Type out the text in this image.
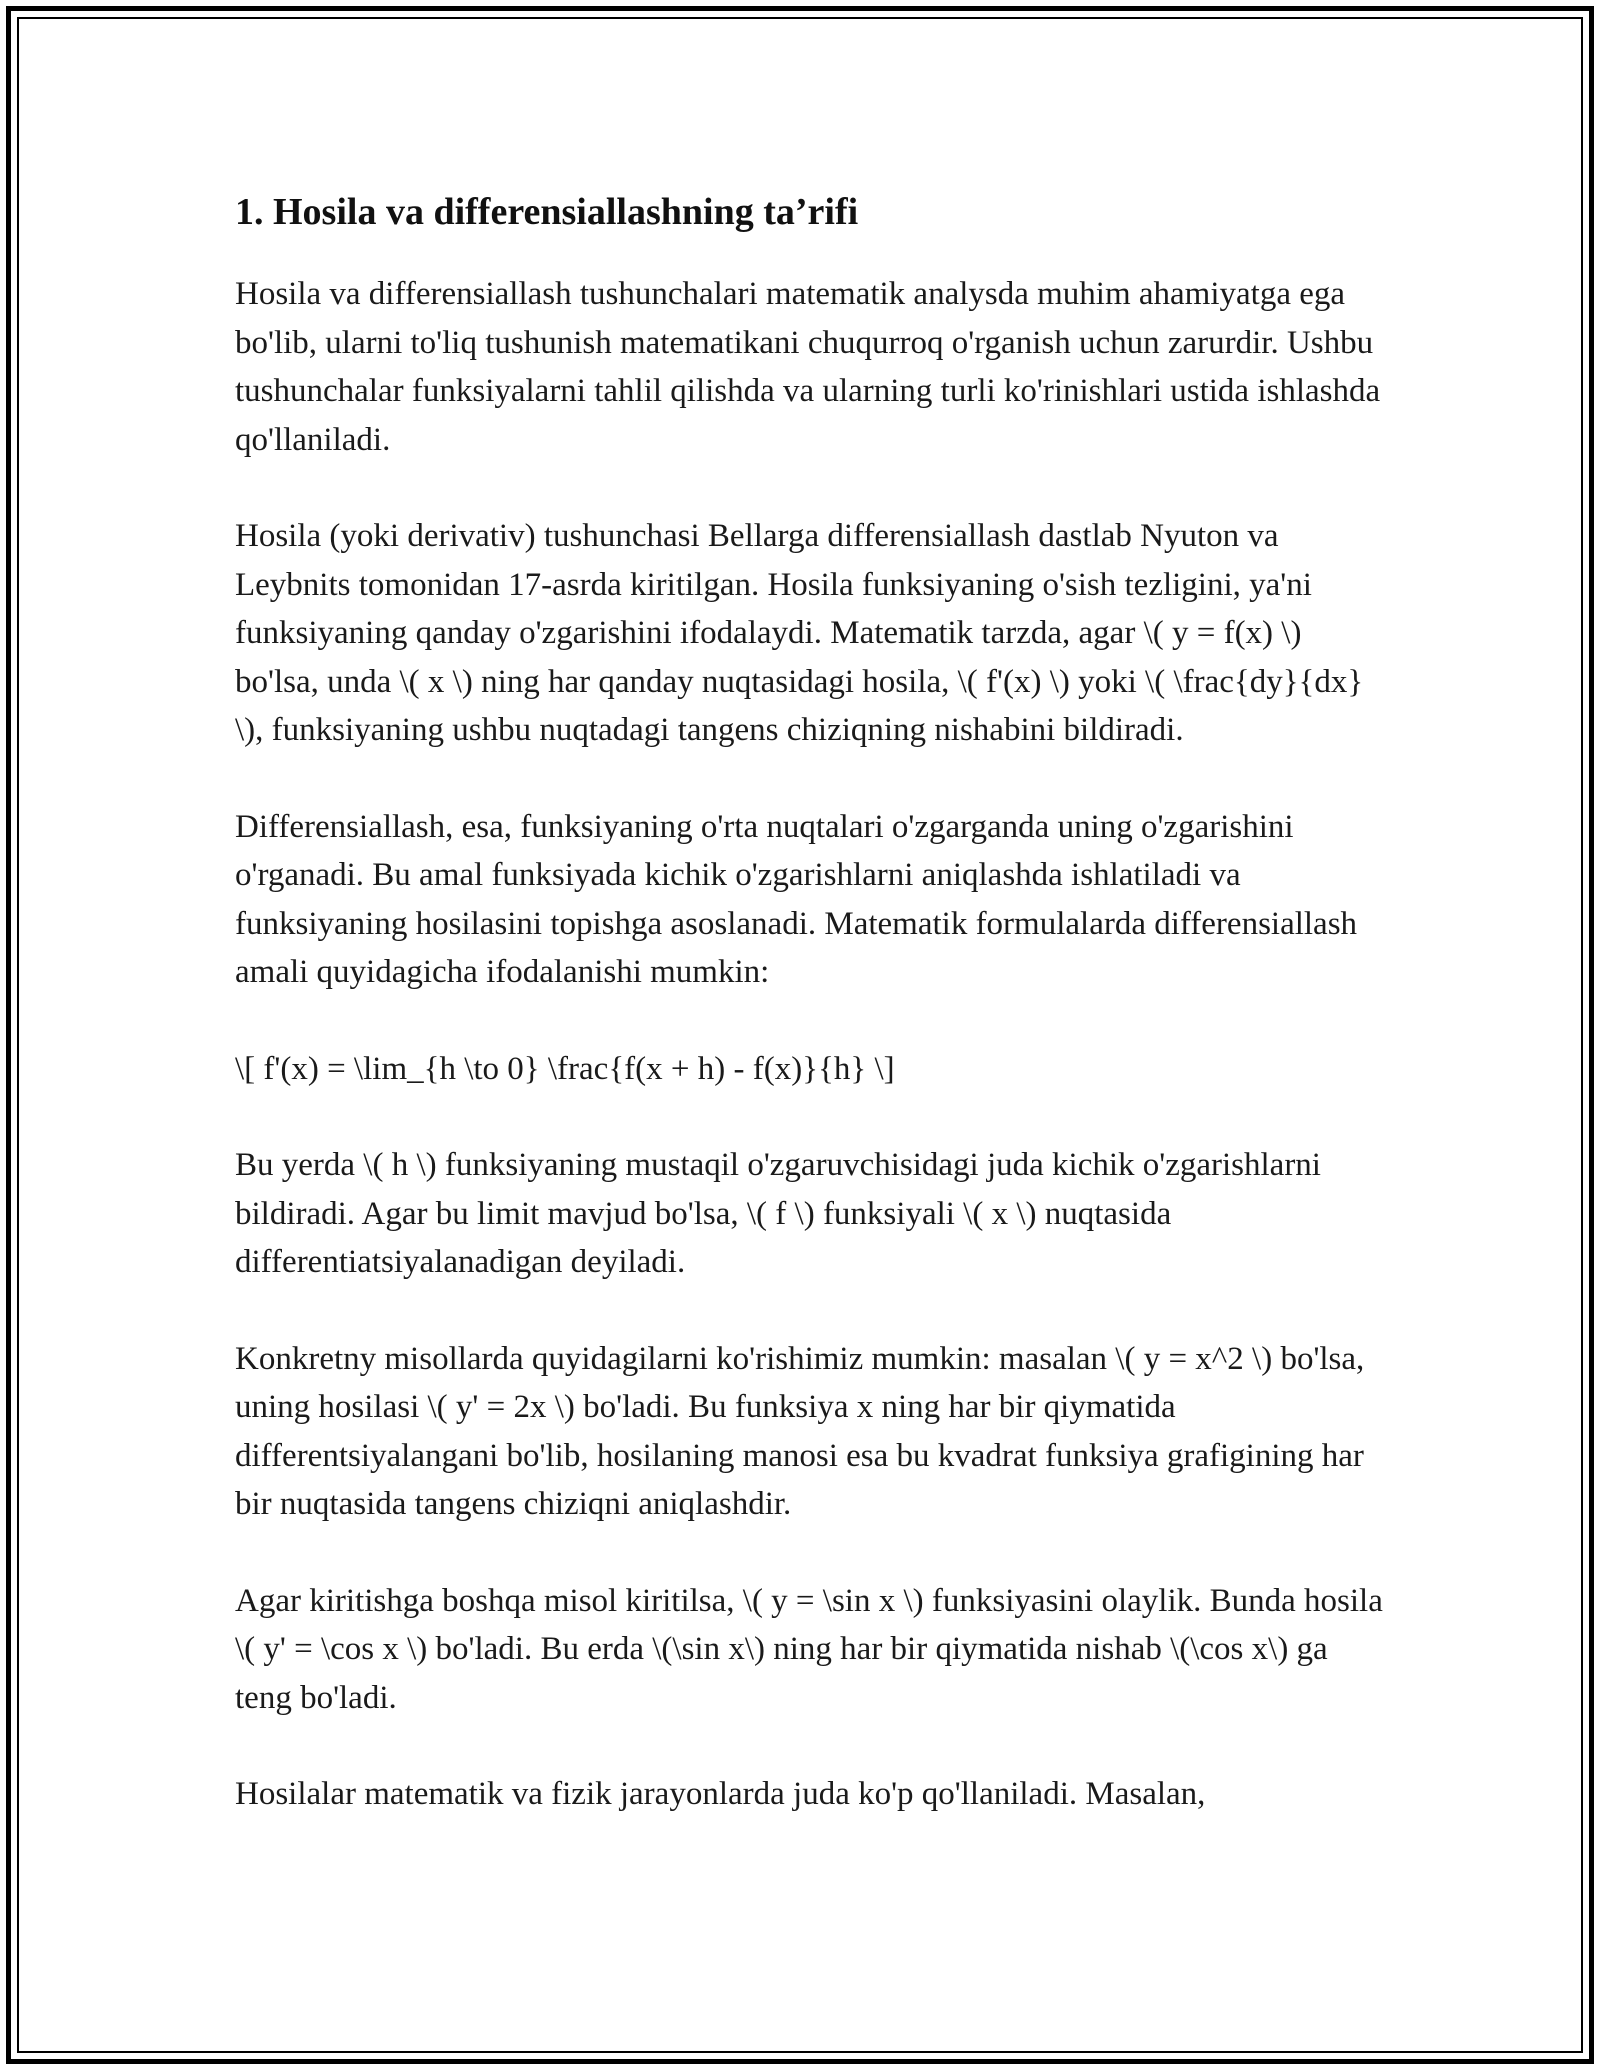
1. Hosila va differensiallashning ta’rifi

Hosila va differensiallash tushunchalari matematik analysda muhim ahamiyatga ega bo'lib, ularni to'liq tushunish matematikani chuqurroq o'rganish uchun zarurdir. Ushbu tushunchalar funksiyalarni tahlil qilishda va ularning turli ko'rinishlari ustida ishlashda qo'llaniladi.

Hosila (yoki derivativ) tushunchasi Bellarga differensiallash dastlab Nyuton va Leybnits tomonidan 17-asrda kiritilgan. Hosila funksiyaning o'sish tezligini, ya'ni funksiyaning qanday o'zgarishini ifodalaydi. Matematik tarzda, agar \( y = f(x) \) bo'lsa, unda \( x \) ning har qanday nuqtasidagi hosila, \( f'(x) \) yoki \( \frac{dy}{dx} \), funksiyaning ushbu nuqtadagi tangens chiziqning nishabini bildiradi.

Differensiallash, esa, funksiyaning o'rta nuqtalari o'zgarganda uning o'zgarishini o'rganadi. Bu amal funksiyada kichik o'zgarishlarni aniqlashda ishlatiladi va funksiyaning hosilasini topishga asoslanadi. Matematik formulalarda differensiallash amali quyidagicha ifodalanishi mumkin:

\[ f'(x) = \lim_{h \to 0} \frac{f(x + h) - f(x)}{h} \]

Bu yerda \( h \) funksiyaning mustaqil o'zgaruvchisidagi juda kichik o'zgarishlarni bildiradi. Agar bu limit mavjud bo'lsa, \( f \) funksiyali \( x \) nuqtasida differentiatsiyalanadigan deyiladi.

Konkretny misollarda quyidagilarni ko'rishimiz mumkin: masalan \( y = x^2 \) bo'lsa, uning hosilasi \( y' = 2x \) bo'ladi. Bu funksiya x ning har bir qiymatida differentsiyalangani bo'lib, hosilaning manosi esa bu kvadrat funksiya grafigining har bir nuqtasida tangens chiziqni aniqlashdir.

Agar kiritishga boshqa misol kiritilsa, \( y = \sin x \) funksiyasini olaylik. Bunda hosila \( y' = \cos x \) bo'ladi. Bu erda \(\sin x\) ning har bir qiymatida nishab \(\cos x\) ga teng bo'ladi.

Hosilalar matematik va fizik jarayonlarda juda ko'p qo'llaniladi. Masalan,
